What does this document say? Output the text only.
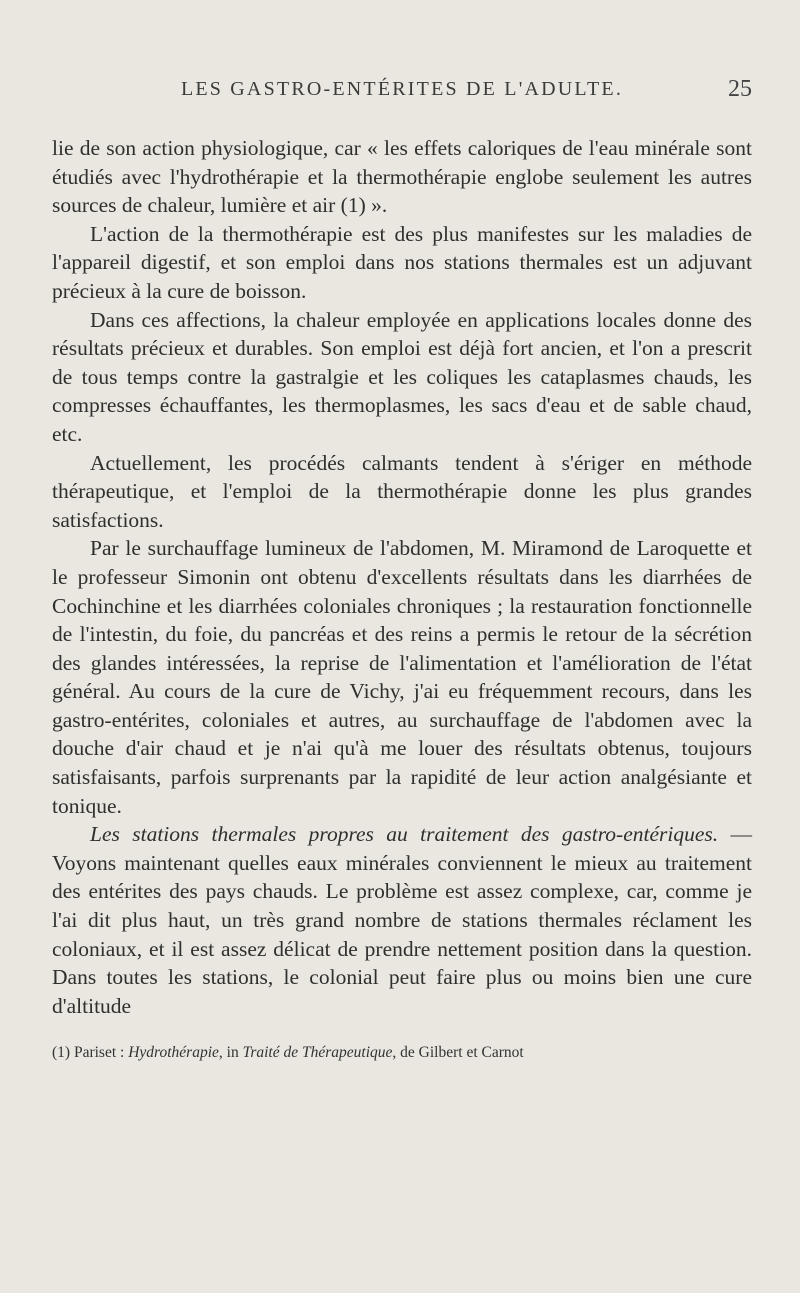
LES GASTRO-ENTÉRITES DE L'ADULTE.	25

lie de son action physiologique, car « les effets caloriques de l'eau minérale sont étudiés avec l'hydrothérapie et la thermothérapie englobe seulement les autres sources de chaleur, lumière et air (1) ».

L'action de la thermothérapie est des plus manifestes sur les maladies de l'appareil digestif, et son emploi dans nos stations thermales est un adjuvant précieux à la cure de boisson.

Dans ces affections, la chaleur employée en applications locales donne des résultats précieux et durables. Son emploi est déjà fort ancien, et l'on a prescrit de tous temps contre la gastralgie et les coliques les cataplasmes chauds, les compresses échauffantes, les thermoplasmes, les sacs d'eau et de sable chaud, etc.

Actuellement, les procédés calmants tendent à s'ériger en méthode thérapeutique, et l'emploi de la thermothérapie donne les plus grandes satisfactions.

Par le surchauffage lumineux de l'abdomen, M. Miramond de Laroquette et le professeur Simonin ont obtenu d'excellents résultats dans les diarrhées de Cochinchine et les diarrhées coloniales chroniques ; la restauration fonctionnelle de l'intestin, du foie, du pancréas et des reins a permis le retour de la sécrétion des glandes intéressées, la reprise de l'alimentation et l'amélioration de l'état général. Au cours de la cure de Vichy, j'ai eu fréquemment recours, dans les gastro-entérites, coloniales et autres, au surchauffage de l'abdomen avec la douche d'air chaud et je n'ai qu'à me louer des résultats obtenus, toujours satisfaisants, parfois surprenants par la rapidité de leur action analgésiante et tonique.

Les stations thermales propres au traitement des gastro-entériques. — Voyons maintenant quelles eaux minérales conviennent le mieux au traitement des entérites des pays chauds. Le problème est assez complexe, car, comme je l'ai dit plus haut, un très grand nombre de stations thermales réclament les coloniaux, et il est assez délicat de prendre nettement position dans la question. Dans toutes les stations, le colonial peut faire plus ou moins bien une cure d'altitude

(1) Pariset : Hydrothérapie, in Traité de Thérapeutique, de Gilbert et Carnot
